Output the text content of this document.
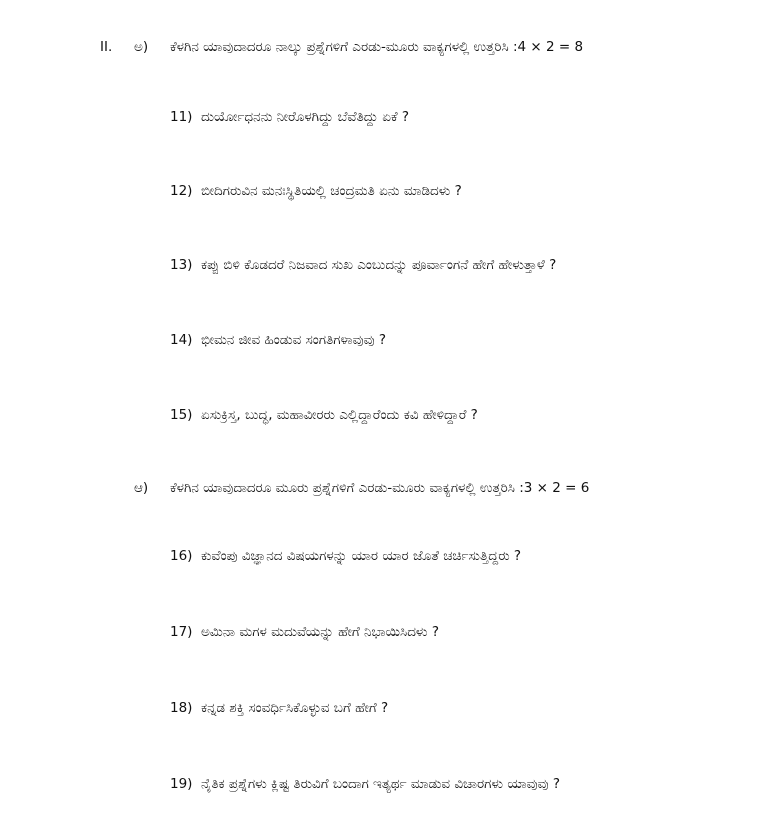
II. ಅ) ಕೆಳಗಿನ ಯಾವುದಾದರೂ ನಾಲ್ಕು ಪ್ರಶ್ನೆಗಳಿಗೆ ಎರಡು-ಮೂರು ವಾಕ್ಯಗಳಲ್ಲಿ ಉತ್ತರಿಸಿ :4 × 2 = 8
11) ದುರ್ಯೋಧನನು ನೀರೊಳಗಿದ್ದು ಬೆವೆತಿದ್ದು ಏಕೆ ?
12) ಬೀದಿಗರುವಿನ ಮನಃಸ್ಥಿತಿಯಲ್ಲಿ ಚಂದ್ರಮತಿ ಏನು ಮಾಡಿದಳು ?
13) ಕಪ್ಪು ಬಿಳಿ ಕೊಡದರೆ ನಿಜವಾದ ಸುಖ ಎಂಬುದನ್ನು ಪೂರ್ವಾಂಗನೆ ಹೇಗೆ ಹೇಳುತ್ತಾಳೆ ?
14) ಭೀಮನ ಜೀವ ಹಿಂಡುವ ಸಂಗತಿಗಳಾವುವು ?
15) ಏಸುಕ್ರಿಸ್ತ, ಬುದ್ಧ, ಮಹಾವೀರರು ಎಲ್ಲಿದ್ದಾರೆಂದು ಕವಿ ಹೇಳಿದ್ದಾರೆ ?
ಆ) ಕೆಳಗಿನ ಯಾವುದಾದರೂ ಮೂರು ಪ್ರಶ್ನೆಗಳಿಗೆ ಎರಡು-ಮೂರು ವಾಕ್ಯಗಳಲ್ಲಿ ಉತ್ತರಿಸಿ :3 × 2 = 6
16) ಕುವೆಂಪು ವಿಜ್ಞಾನದ ವಿಷಯಗಳನ್ನು ಯಾರ ಯಾರ ಜೊತೆ ಚರ್ಚಿಸುತ್ತಿದ್ದರು ?
17) ಅಮಿನಾ ಮಗಳ ಮದುವೆಯನ್ನು ಹೇಗೆ ನಿಭಾಯಿಸಿದಳು ?
18) ಕನ್ನಡ ಶಕ್ತಿ ಸಂವರ್ಧಿಸಿಕೊಳ್ಳುವ ಬಗೆ ಹೇಗೆ ?
19) ನೈತಿಕ ಪ್ರಶ್ನೆಗಳು ಕ್ಲಿಷ್ಟ ತಿರುವಿಗೆ ಬಂದಾಗ ಇತ್ಯರ್ಥ ಮಾಡುವ ವಿಚಾರಗಳು ಯಾವುವು ?
